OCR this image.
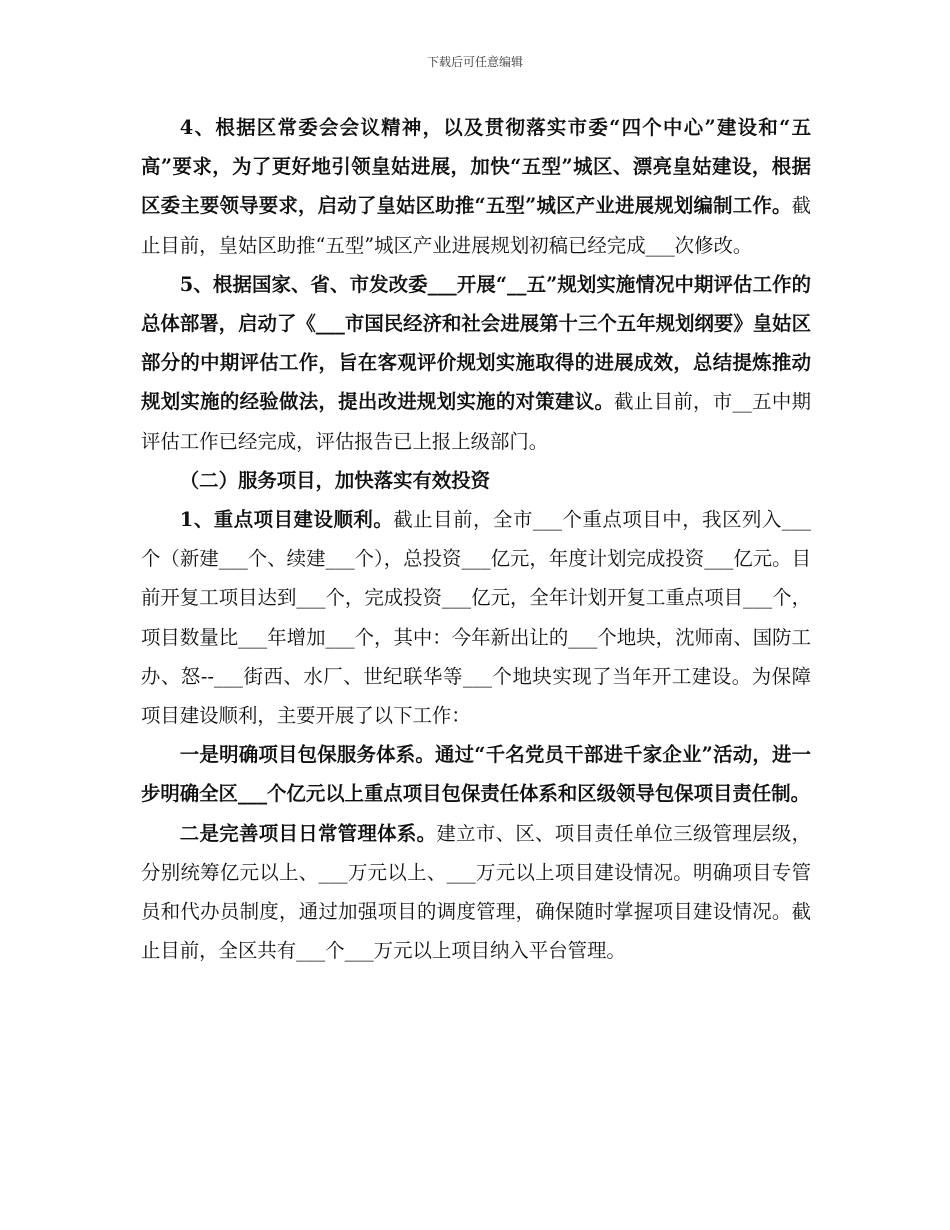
下载后可任意编辑

4、根据区常委会会议精神，以及贯彻落实市委“四个中心”建设和“五高”要求，为了更好地引领皇姑进展，加快“五型”城区、漂亮皇姑建设，根据区委主要领导要求，启动了皇姑区助推“五型”城区产业进展规划编制工作。截止目前，皇姑区助推“五型”城区产业进展规划初稿已经完成___次修改。

5、根据国家、省、市发改委___开展“__五”规划实施情况中期评估工作的总体部署，启动了《___市国民经济和社会进展第十三个五年规划纲要》皇姑区部分的中期评估工作，旨在客观评价规划实施取得的进展成效，总结提炼推动规划实施的经验做法，提出改进规划实施的对策建议。截止目前，市__五中期评估工作已经完成，评估报告已上报上级部门。

（二）服务项目，加快落实有效投资

1、重点项目建设顺利。截止目前，全市___个重点项目中，我区列入___个（新建___个、续建___个），总投资___亿元，年度计划完成投资___亿元。目前开复工项目达到___个，完成投资___亿元，全年计划开复工重点项目___个，项目数量比___年增加___个，其中：今年新出让的___个地块，沈师南、国防工办、怒--___街西、水厂、世纪联华等___个地块实现了当年开工建设。为保障项目建设顺利，主要开展了以下工作：

一是明确项目包保服务体系。通过“千名党员干部进千家企业”活动，进一步明确全区___个亿元以上重点项目包保责任体系和区级领导包保项目责任制。

二是完善项目日常管理体系。建立市、区、项目责任单位三级管理层级，分别统筹亿元以上、___万元以上、___万元以上项目建设情况。明确项目专管员和代办员制度，通过加强项目的调度管理，确保随时掌握项目建设情况。截止目前，全区共有___个___万元以上项目纳入平台管理。
